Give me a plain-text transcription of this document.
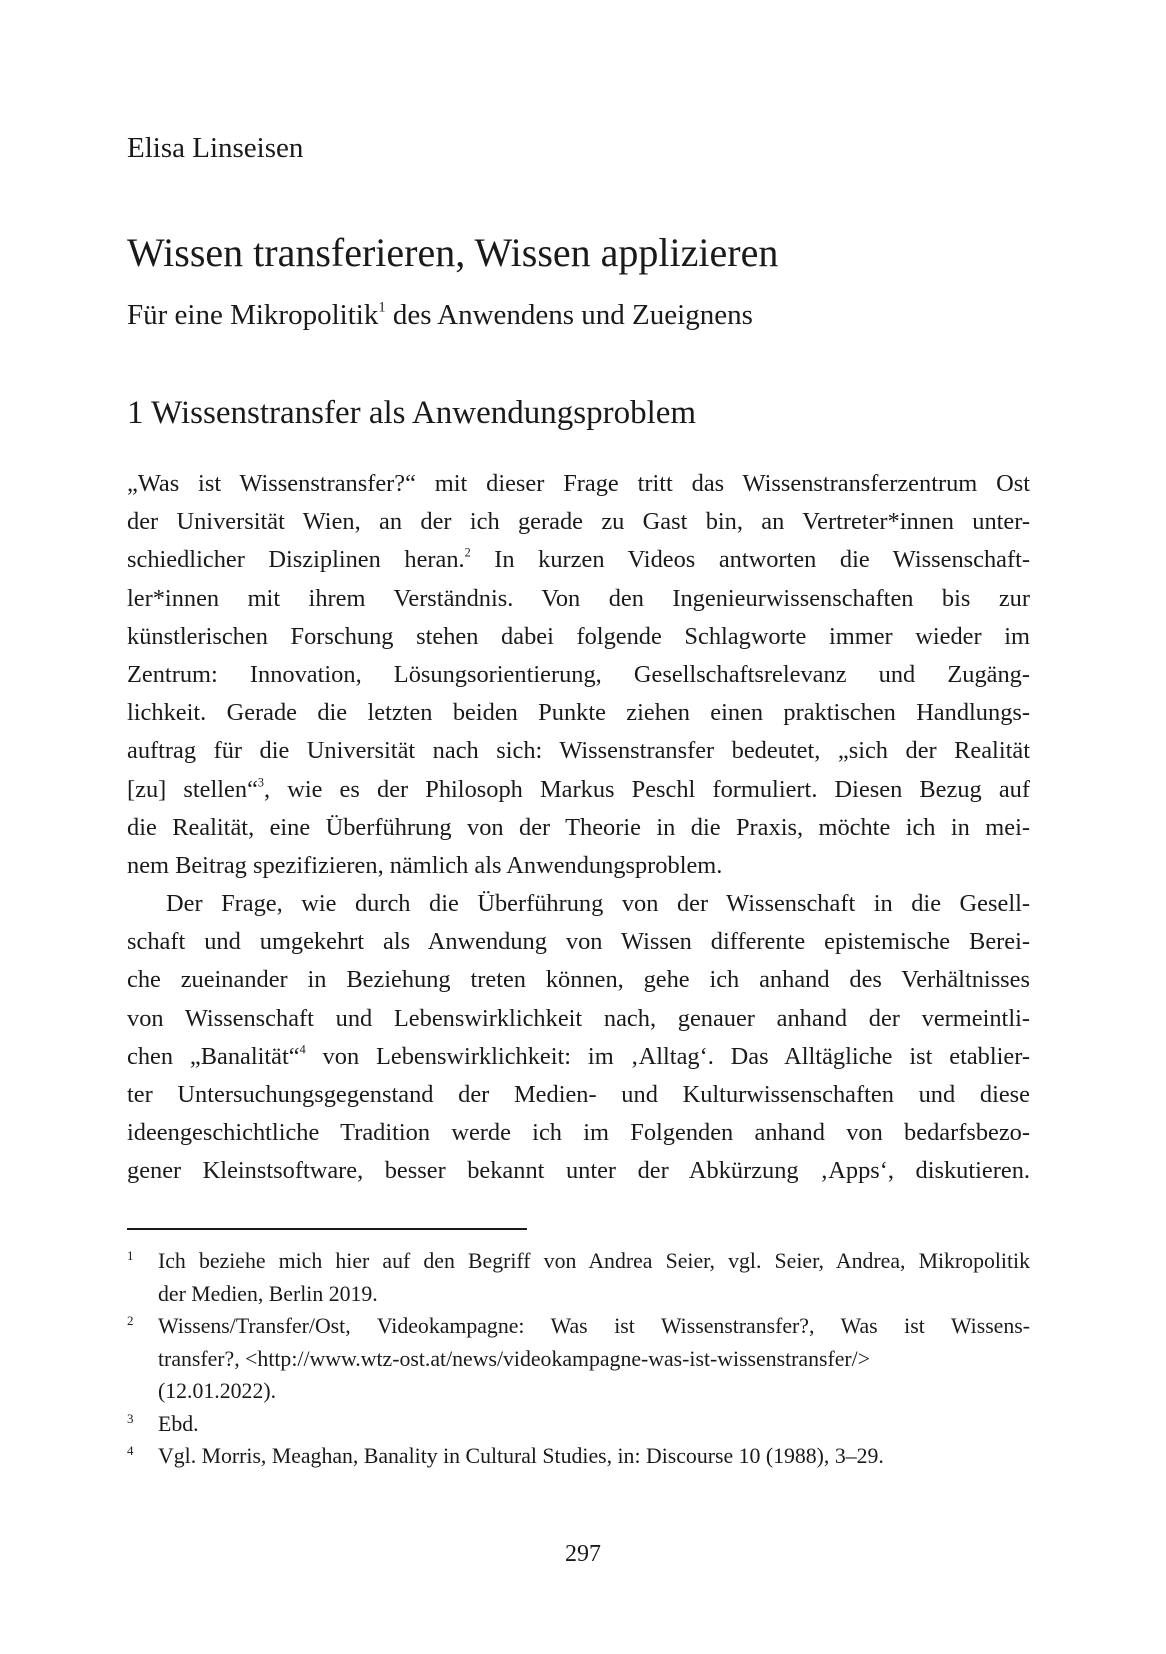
Elisa Linseisen
Wissen transferieren, Wissen applizieren
Für eine Mikropolitik$^1$ des Anwendens und Zueignens
1 Wissenstransfer als Anwendungsproblem
„Was ist Wissenstransfer?“ mit dieser Frage tritt das Wissenstransferzentrum Ost
der Universität Wien, an der ich gerade zu Gast bin, an Vertreter*innen unter-
schiedlicher Disziplinen heran.$^2$ In kurzen Videos antworten die Wissenschaft-
ler*innen mit ihrem Verständnis. Von den Ingenieurwissenschaften bis zur
künstlerischen Forschung stehen dabei folgende Schlagworte immer wieder im
Zentrum: Innovation, Lösungsorientierung, Gesellschaftsrelevanz und Zugäng-
lichkeit. Gerade die letzten beiden Punkte ziehen einen praktischen Handlungs-
auftrag für die Universität nach sich: Wissenstransfer bedeutet, „sich der Realität
[zu] stellen“$^3$, wie es der Philosoph Markus Peschl formuliert. Diesen Bezug auf
die Realität, eine Überführung von der Theorie in die Praxis, möchte ich in mei-
nem Beitrag spezifizieren, nämlich als Anwendungsproblem.
Der Frage, wie durch die Überführung von der Wissenschaft in die Gesell-
schaft und umgekehrt als Anwendung von Wissen differente epistemische Berei-
che zueinander in Beziehung treten können, gehe ich anhand des Verhältnisses
von Wissenschaft und Lebenswirklichkeit nach, genauer anhand der vermeintli-
chen „Banalität“$^4$ von Lebenswirklichkeit: im ‚Alltag‘. Das Alltägliche ist etablier-
ter Untersuchungsgegenstand der Medien- und Kulturwissenschaften und diese
ideengeschichtliche Tradition werde ich im Folgenden anhand von bedarfsbezo-
gener Kleinstsoftware, besser bekannt unter der Abkürzung ‚Apps‘, diskutieren.
1 Ich beziehe mich hier auf den Begriff von Andrea Seier, vgl. Seier, Andrea, Mikropolitik
der Medien, Berlin 2019.
2 Wissens/Transfer/Ost, Videokampagne: Was ist Wissenstransfer?, Was ist Wissens-
transfer?, <http://www.wtz-ost.at/news/videokampagne-was-ist-wissenstransfer/>
(12.01.2022).
3 Ebd.
4 Vgl. Morris, Meaghan, Banality in Cultural Studies, in: Discourse 10 (1988), 3–29.
297
